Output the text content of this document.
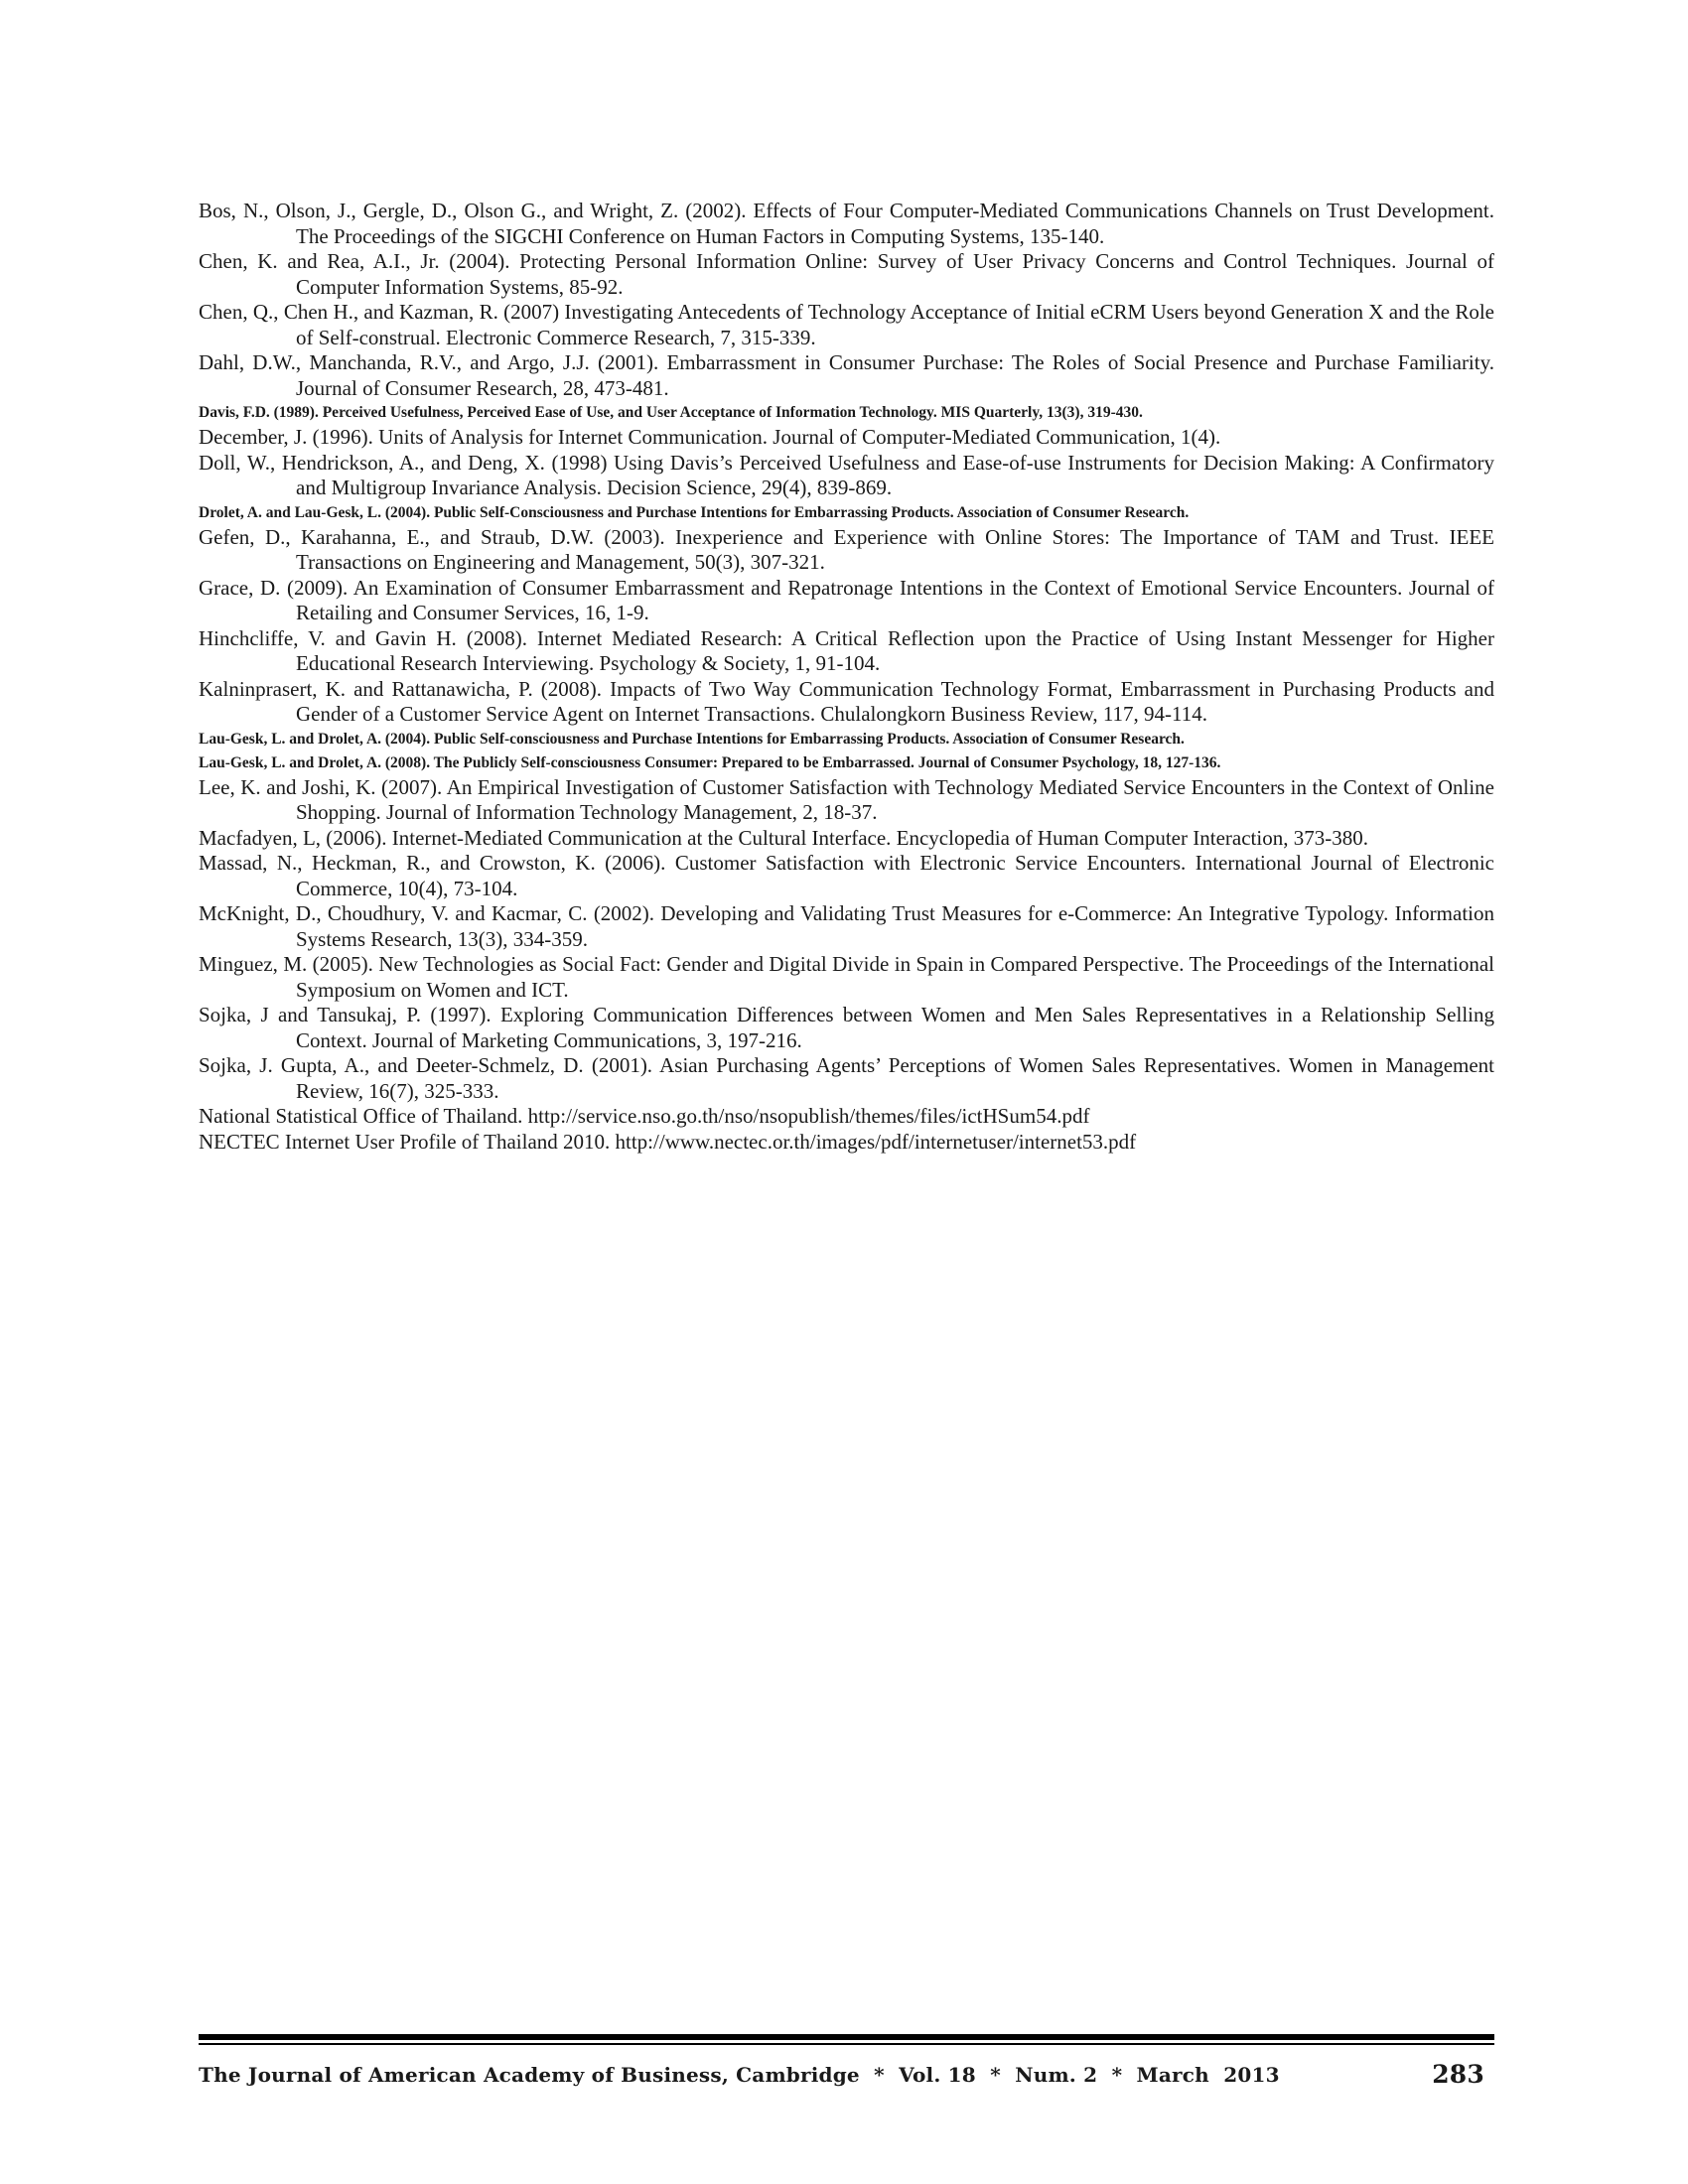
Bos, N., Olson, J., Gergle, D., Olson G., and Wright, Z. (2002). Effects of Four Computer-Mediated Communications Channels on Trust Development. The Proceedings of the SIGCHI Conference on Human Factors in Computing Systems, 135-140.
Chen, K. and Rea, A.I., Jr. (2004). Protecting Personal Information Online: Survey of User Privacy Concerns and Control Techniques. Journal of Computer Information Systems, 85-92.
Chen, Q., Chen H., and Kazman, R. (2007) Investigating Antecedents of Technology Acceptance of Initial eCRM Users beyond Generation X and the Role of Self-construal. Electronic Commerce Research, 7, 315-339.
Dahl, D.W., Manchanda, R.V., and Argo, J.J. (2001). Embarrassment in Consumer Purchase: The Roles of Social Presence and Purchase Familiarity. Journal of Consumer Research, 28, 473-481.
Davis, F.D. (1989). Perceived Usefulness, Perceived Ease of Use, and User Acceptance of Information Technology. MIS Quarterly, 13(3), 319-430.
December, J. (1996). Units of Analysis for Internet Communication. Journal of Computer-Mediated Communication, 1(4).
Doll, W., Hendrickson, A., and Deng, X. (1998) Using Davis’s Perceived Usefulness and Ease-of-use Instruments for Decision Making: A Confirmatory and Multigroup Invariance Analysis. Decision Science, 29(4), 839-869.
Drolet, A. and Lau-Gesk, L. (2004). Public Self-Consciousness and Purchase Intentions for Embarrassing Products. Association of Consumer Research.
Gefen, D., Karahanna, E., and Straub, D.W. (2003). Inexperience and Experience with Online Stores: The Importance of TAM and Trust. IEEE Transactions on Engineering and Management, 50(3), 307-321.
Grace, D. (2009). An Examination of Consumer Embarrassment and Repatronage Intentions in the Context of Emotional Service Encounters. Journal of Retailing and Consumer Services, 16, 1-9.
Hinchcliffe, V. and Gavin H. (2008). Internet Mediated Research: A Critical Reflection upon the Practice of Using Instant Messenger for Higher Educational Research Interviewing. Psychology & Society, 1, 91-104.
Kalninprasert, K. and Rattanawicha, P. (2008). Impacts of Two Way Communication Technology Format, Embarrassment in Purchasing Products and Gender of a Customer Service Agent on Internet Transactions. Chulalongkorn Business Review, 117, 94-114.
Lau-Gesk, L. and Drolet, A. (2004). Public Self-consciousness and Purchase Intentions for Embarrassing Products. Association of Consumer Research.
Lau-Gesk, L. and Drolet, A. (2008). The Publicly Self-consciousness Consumer: Prepared to be Embarrassed. Journal of Consumer Psychology, 18, 127-136.
Lee, K. and Joshi, K. (2007). An Empirical Investigation of Customer Satisfaction with Technology Mediated Service Encounters in the Context of Online Shopping. Journal of Information Technology Management, 2, 18-37.
Macfadyen, L, (2006). Internet-Mediated Communication at the Cultural Interface. Encyclopedia of Human Computer Interaction, 373-380.
Massad, N., Heckman, R., and Crowston, K. (2006). Customer Satisfaction with Electronic Service Encounters. International Journal of Electronic Commerce, 10(4), 73-104.
McKnight, D., Choudhury, V. and Kacmar, C. (2002). Developing and Validating Trust Measures for e-Commerce: An Integrative Typology. Information Systems Research, 13(3), 334-359.
Minguez, M. (2005). New Technologies as Social Fact: Gender and Digital Divide in Spain in Compared Perspective. The Proceedings of the International Symposium on Women and ICT.
Sojka, J and Tansukaj, P. (1997). Exploring Communication Differences between Women and Men Sales Representatives in a Relationship Selling Context. Journal of Marketing Communications, 3, 197-216.
Sojka, J. Gupta, A., and Deeter-Schmelz, D. (2001). Asian Purchasing Agents’ Perceptions of Women Sales Representatives. Women in Management Review, 16(7), 325-333.
National Statistical Office of Thailand. http://service.nso.go.th/nso/nsopublish/themes/files/ictHSum54.pdf
NECTEC Internet User Profile of Thailand 2010. http://www.nectec.or.th/images/pdf/internetuser/internet53.pdf
The Journal of American Academy of Business, Cambridge  *  Vol. 18  *  Num. 2  *  March  2013	283
